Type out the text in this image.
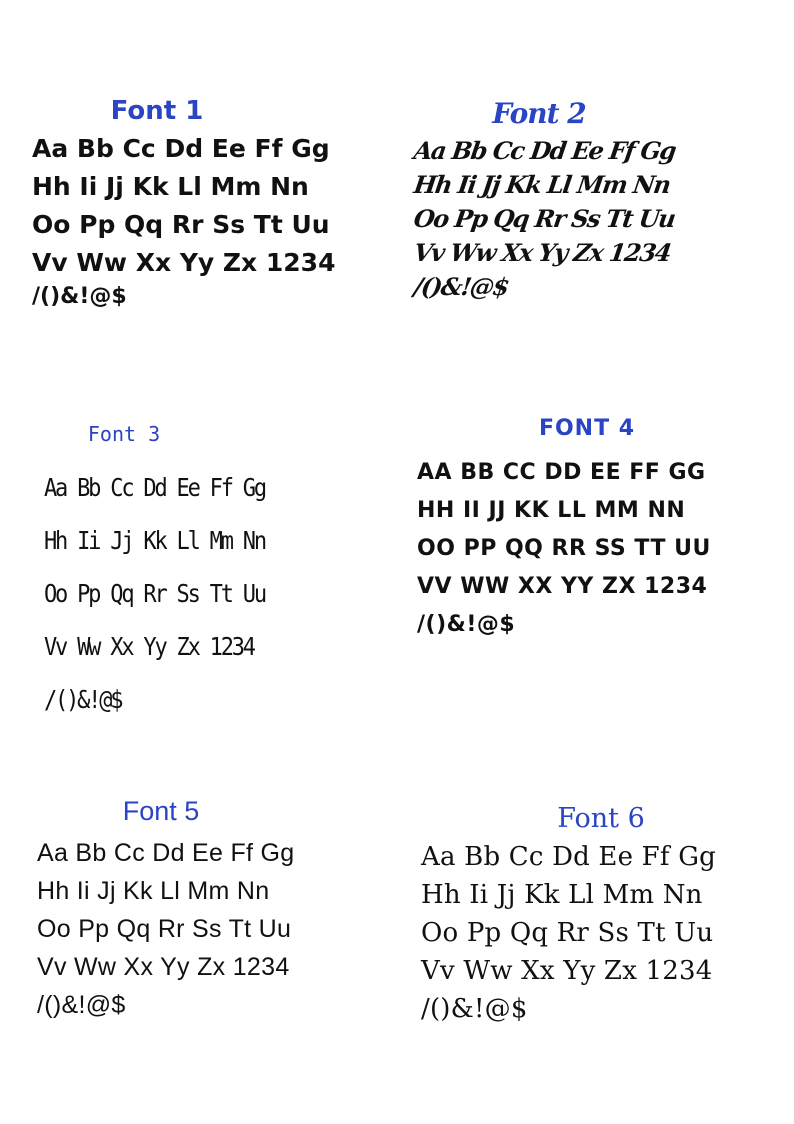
Font 1
Aa Bb Cc Dd Ee Ff Gg
Hh Ii Jj Kk Ll Mm Nn
Oo Pp Qq Rr Ss Tt Uu
Vv Ww Xx Yy Zx 1234
/()&!@$
Font 2
Aa Bb Cc Dd Ee Ff Gg
Hh Ii Jj Kk Ll Mm Nn
Oo Pp Qq Rr Ss Tt Uu
Vv Ww Xx Yy Zx 1234
/()&!@$
Font 3
Aa Bb Cc Dd Ee Ff Gg
Hh Ii Jj Kk Ll Mm Nn
Oo Pp Qq Rr Ss Tt Uu
Vv Ww Xx Yy Zx 1234
/()&!@$
FONT 4
AA BB CC DD EE FF GG
HH II JJ KK LL MM NN
OO PP QQ RR SS TT UU
VV WW XX YY ZX 1234
/()&!@$
Font 5
Aa Bb Cc Dd Ee Ff Gg
Hh Ii Jj Kk Ll Mm Nn
Oo Pp Qq Rr Ss Tt Uu
Vv Ww Xx Yy Zx 1234
/()&!@$
Font 6
Aa Bb Cc Dd Ee Ff Gg
Hh Ii Jj Kk Ll Mm Nn
Oo Pp Qq Rr Ss Tt Uu
Vv Ww Xx Yy Zx 1234
/()&!@$
